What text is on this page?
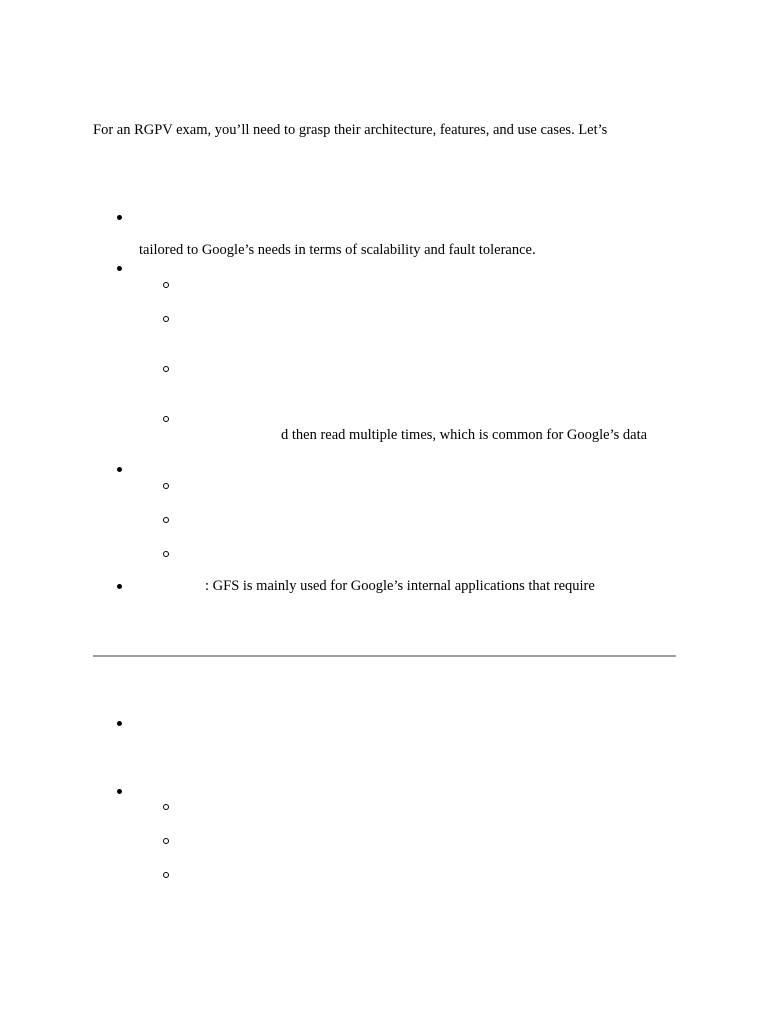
For an RGPV exam, you’ll need to grasp their architecture, features, and use cases. Let’s
tailored to Google’s needs in terms of scalability and fault tolerance.
d then read multiple times, which is common for Google’s data
: GFS is mainly used for Google’s internal applications that require
